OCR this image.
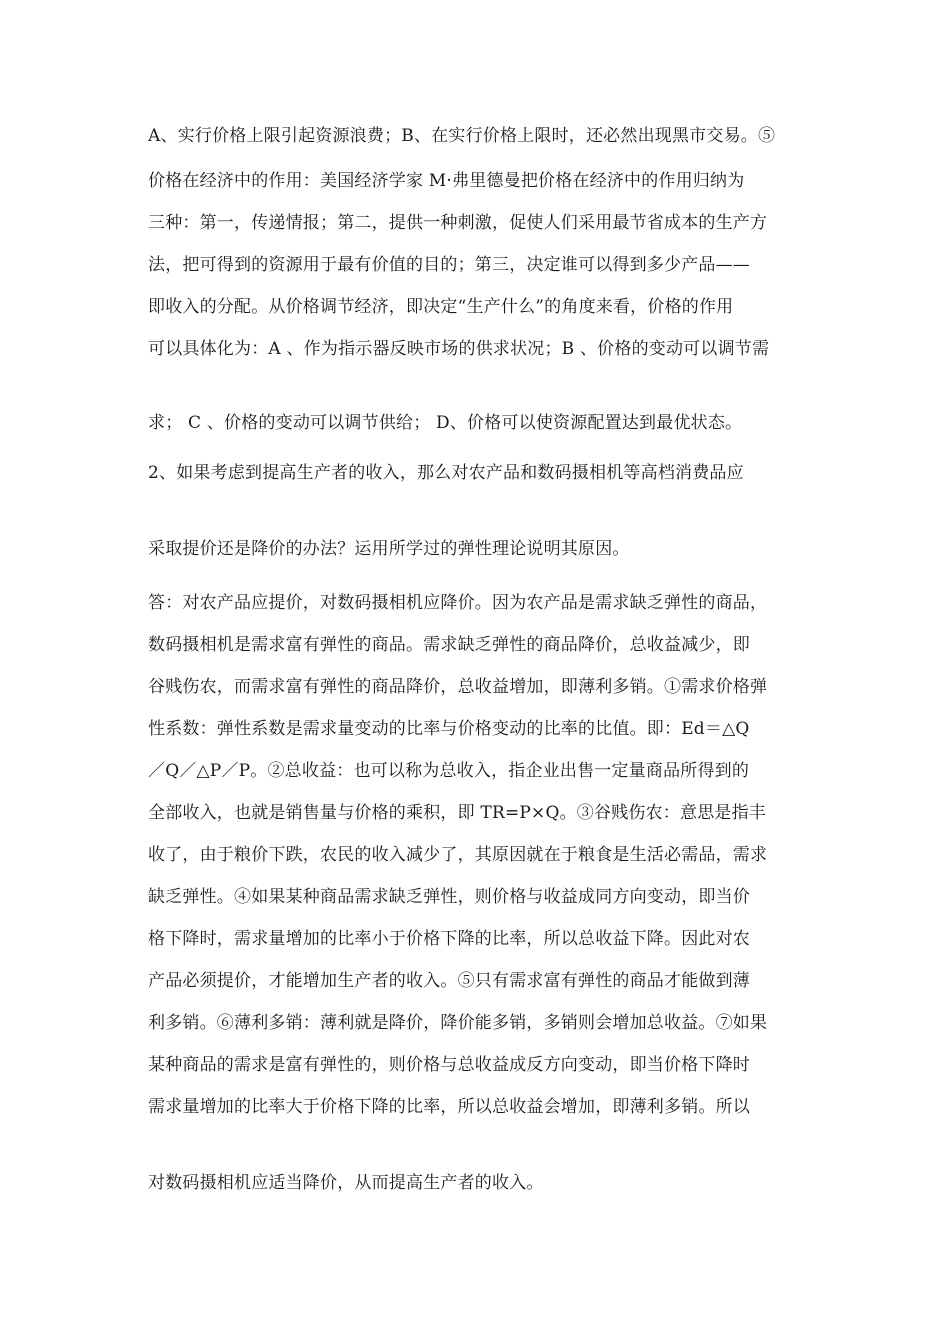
A、实行价格上限引起资源浪费；B、在实行价格上限时，还必然出现黑市交易。⑤
价格在经济中的作用：美国经济学家 M·弗里德曼把价格在经济中的作用归纳为
三种：第一，传递情报；第二，提供一种刺激，促使人们采用最节省成本的生产方
法，把可得到的资源用于最有价值的目的；第三，决定谁可以得到多少产品——
即收入的分配。从价格调节经济，即决定“生产什么”的角度来看，价格的作用
可以具体化为：A 、作为指示器反映市场的供求状况；B 、价格的变动可以调节需
求； C 、价格的变动可以调节供给； D、价格可以使资源配置达到最优状态。
2、如果考虑到提高生产者的收入，那么对农产品和数码摄相机等高档消费品应
采取提价还是降价的办法？运用所学过的弹性理论说明其原因。
答：对农产品应提价，对数码摄相机应降价。因为农产品是需求缺乏弹性的商品，
数码摄相机是需求富有弹性的商品。需求缺乏弹性的商品降价，总收益减少，即
谷贱伤农，而需求富有弹性的商品降价，总收益增加，即薄利多销。①需求价格弹
性系数：弹性系数是需求量变动的比率与价格变动的比率的比值。即：Ed＝△Q
／Q／△P／P。②总收益：也可以称为总收入，指企业出售一定量商品所得到的
全部收入，也就是销售量与价格的乘积，即 TR=P×Q。③谷贱伤农：意思是指丰
收了，由于粮价下跌，农民的收入减少了，其原因就在于粮食是生活必需品，需求
缺乏弹性。④如果某种商品需求缺乏弹性，则价格与收益成同方向变动，即当价
格下降时，需求量增加的比率小于价格下降的比率，所以总收益下降。因此对农
产品必须提价，才能增加生产者的收入。⑤只有需求富有弹性的商品才能做到薄
利多销。⑥薄利多销：薄利就是降价，降价能多销，多销则会增加总收益。⑦如果
某种商品的需求是富有弹性的，则价格与总收益成反方向变动，即当价格下降时
需求量增加的比率大于价格下降的比率，所以总收益会增加，即薄利多销。所以
对数码摄相机应适当降价，从而提高生产者的收入。
